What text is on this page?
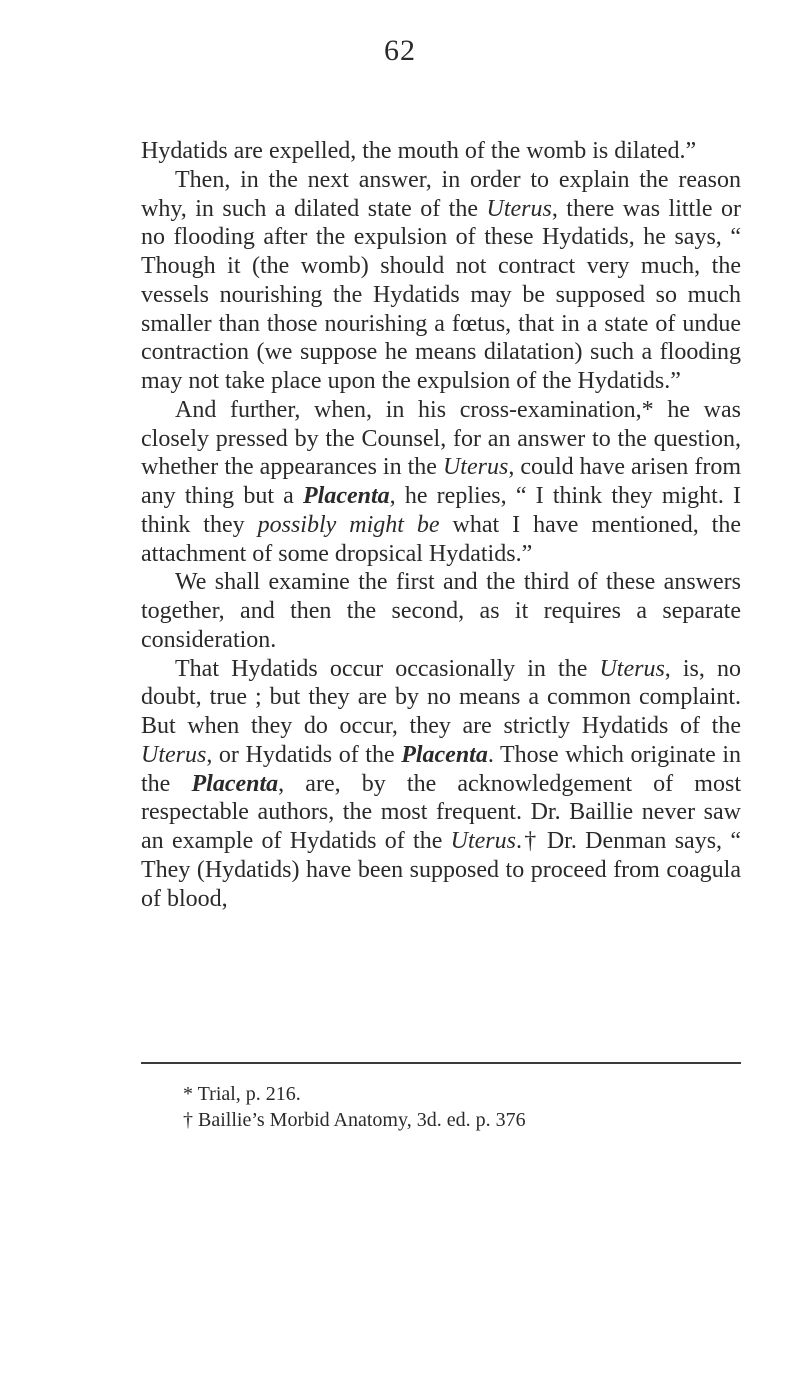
62

Hydatids are expelled, the mouth of the womb is dilated.”

Then, in the next answer, in order to explain the reason why, in such a dilated state of the Uterus, there was little or no flooding after the expulsion of these Hydatids, he says, “ Though it (the womb) should not contract very much, the vessels nourishing the Hydatids may be supposed so much smaller than those nourishing a fœtus, that in a state of undue contraction (we suppose he means dilatation) such a flooding may not take place upon the expulsion of the Hydatids.”

And further, when, in his cross-examination,* he was closely pressed by the Counsel, for an answer to the question, whether the appearances in the Uterus, could have arisen from any thing but a Placenta, he replies, “ I think they might. I think they possibly might be what I have mentioned, the attachment of some dropsical Hydatids.”

We shall examine the first and the third of these answers together, and then the second, as it requires a separate consideration.

That Hydatids occur occasionally in the Uterus, is, no doubt, true ; but they are by no means a common complaint. But when they do occur, they are strictly Hydatids of the Uterus, or Hydatids of the Placenta. Those which originate in the Placenta, are, by the acknowledgement of most respectable authors, the most frequent. Dr. Baillie never saw an example of Hydatids of the Uterus.† Dr. Denman says, “ They (Hydatids) have been supposed to proceed from coagula of blood,

* Trial, p. 216.
† Baillie’s Morbid Anatomy, 3d. ed. p. 376
